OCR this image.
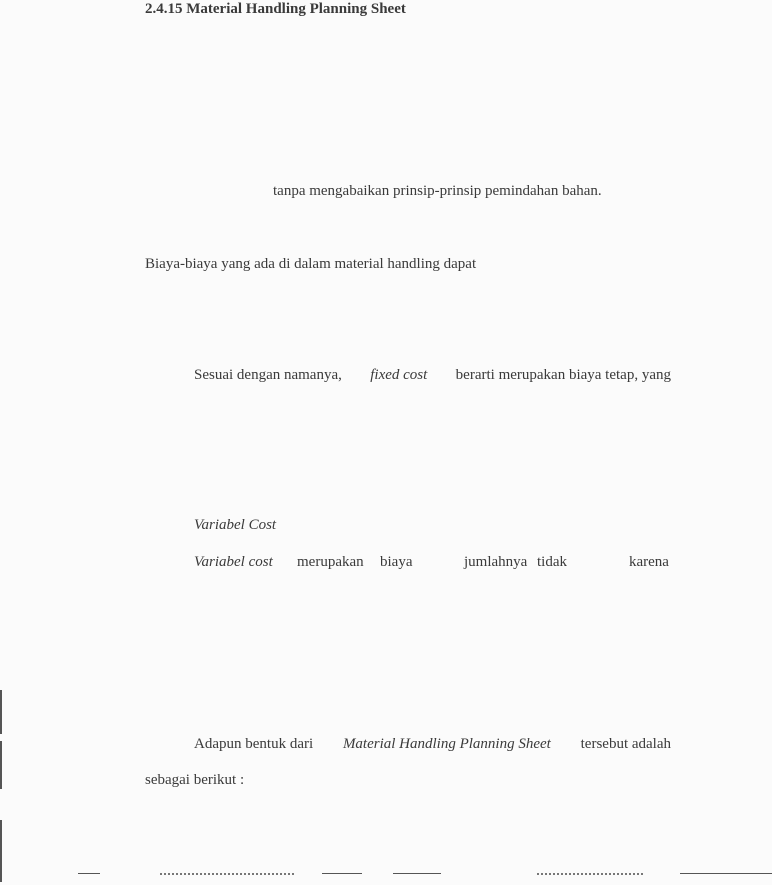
2.4.15 Material Handling Planning Sheet
tanpa mengabaikan prinsip-prinsip pemindahan bahan.
Biaya-biaya yang ada di dalam material handling dapat
Sesuai dengan namanya, fixed cost berarti merupakan biaya tetap, yang
Variabel Cost
Variabel cost merupakan biaya	jumlahnya tidak	karena
Adapun bentuk dari Material Handling Planning Sheet tersebut adalah
sebagai berikut :
